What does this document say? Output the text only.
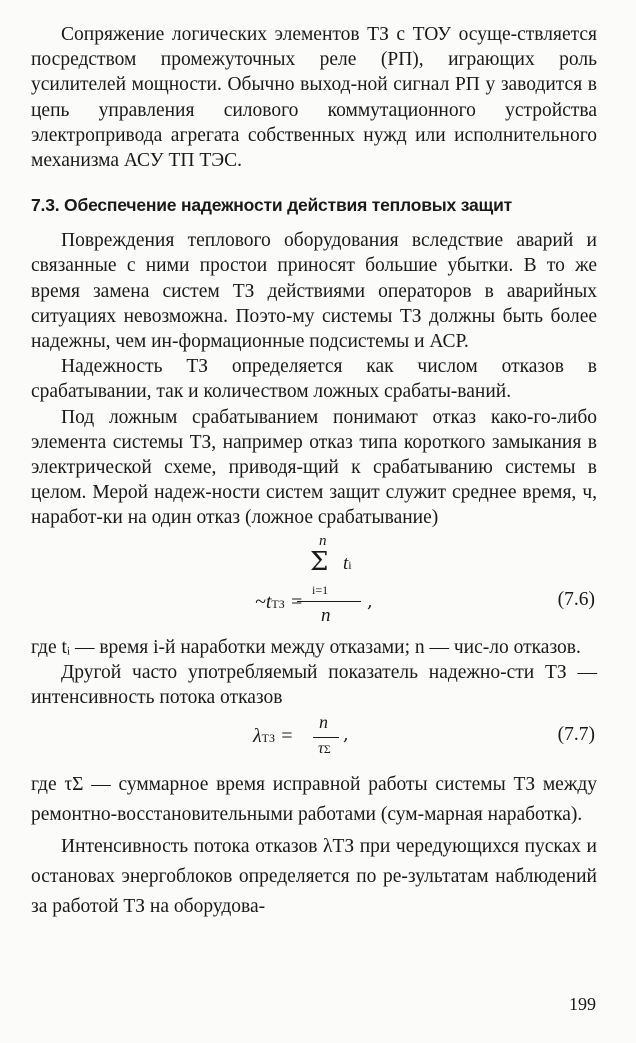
Сопряжение логических элементов ТЗ с ТОУ осуще-ствляется посредством промежуточных реле (РП), играющих роль усилителей мощности. Обычно выход-ной сигнал РП y заводится в цепь управления силового коммутационного устройства электропривода агрегата собственных нужд или исполнительного механизма АСУ ТП ТЭС.

7.3. Обеспечение надежности действия тепловых защит

Повреждения теплового оборудования вследствие аварий и связанные с ними простои приносят большие убытки. В то же время замена систем ТЗ действиями операторов в аварийных ситуациях невозможна. Поэто-му системы ТЗ должны быть более надежны, чем ин-формационные подсистемы и АСР.

Надежность ТЗ определяется как числом отказов в срабатывании, так и количеством ложных срабаты-ваний.

Под ложным срабатыванием понимают отказ како-го-либо элемента системы ТЗ, например отказ типа короткого замыкания в электрической схеме, приводя-щий к срабатыванию системы в целом. Мерой надеж-ности систем защит служит среднее время, ч, наработ-ки на один отказ (ложное срабатывание)

n
Σ ti
i=1
~tТЗ =
n
,	(7.6)

где tᵢ — время i-й наработки между отказами; n — чис-ло отказов.

Другой часто употребляемый показатель надежно-сти ТЗ — интенсивность потока отказов

n
λТЗ =
τΣ
,	(7.7)

где τΣ — суммарное время исправной работы системы ТЗ между ремонтно-восстановительными работами (сум-марная наработка).

Интенсивность потока отказов λТЗ при чередующихся пусках и остановах энергоблоков определяется по ре-зультатам наблюдений за работой ТЗ на оборудова-

199
